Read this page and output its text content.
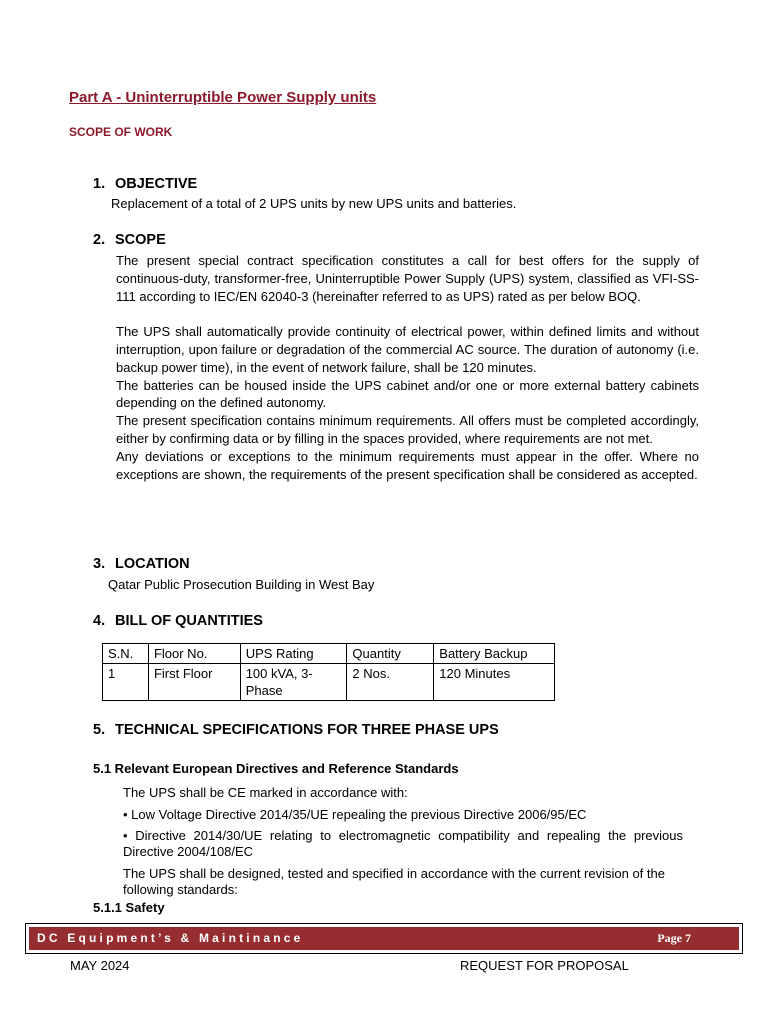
Part A - Uninterruptible Power Supply units
SCOPE OF WORK
1. OBJECTIVE
Replacement of a total of 2 UPS units by new UPS units and batteries.
2. SCOPE

The present special contract specification constitutes a call for best offers for the supply of continuous-duty, transformer-free, Uninterruptible Power Supply (UPS) system, classified as VFI-SS-111 according to IEC/EN 62040-3 (hereinafter referred to as UPS) rated as per below BOQ.

The UPS shall automatically provide continuity of electrical power, within defined limits and without interruption, upon failure or degradation of the commercial AC source. The duration of autonomy (i.e. backup power time), in the event of network failure, shall be 120 minutes.

The batteries can be housed inside the UPS cabinet and/or one or more external battery cabinets depending on the defined autonomy.

The present specification contains minimum requirements. All offers must be completed accordingly, either by confirming data or by filling in the spaces provided, where requirements are not met.

Any deviations or exceptions to the minimum requirements must appear in the offer. Where no exceptions are shown, the requirements of the present specification shall be considered as accepted.

3. LOCATION
Qatar Public Prosecution Building in West Bay
4. BILL OF QUANTITIES
S.N.	Floor No.	UPS Rating	Quantity	Battery Backup
1	First Floor	100 kVA, 3-Phase	2 Nos.	120 Minutes
5. TECHNICAL SPECIFICATIONS FOR THREE PHASE UPS
5.1 Relevant European Directives and Reference Standards
The UPS shall be CE marked in accordance with:
• Low Voltage Directive 2014/35/UE repealing the previous Directive 2006/95/EC
• Directive 2014/30/UE relating to electromagnetic compatibility and repealing the previous Directive 2004/108/EC
The UPS shall be designed, tested and specified in accordance with the current revision of the following standards:
5.1.1 Safety
DC Equipment’s & Maintinance	Page 7
MAY 2024	REQUEST FOR PROPOSAL
